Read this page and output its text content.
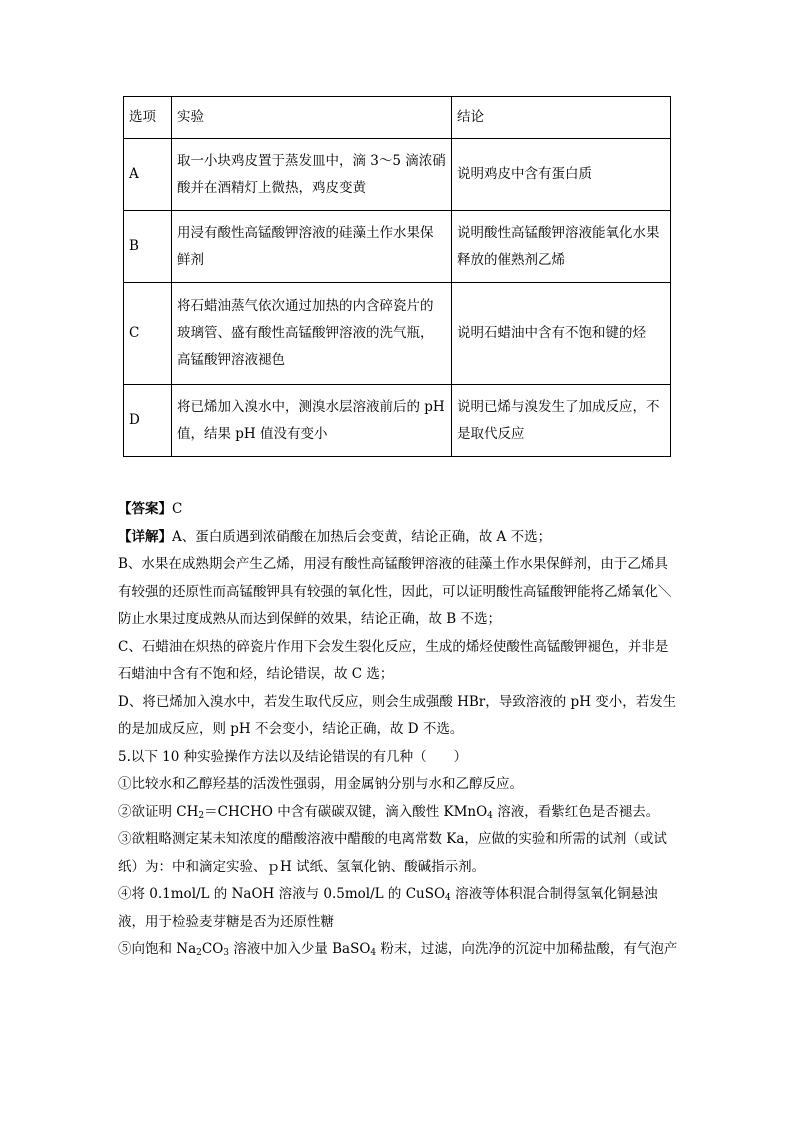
选项	实验	结论
A	取一小块鸡皮置于蒸发皿中，滴 3～5 滴浓硝酸并在酒精灯上微热，鸡皮变黄	说明鸡皮中含有蛋白质
B	用浸有酸性高锰酸钾溶液的硅藻土作水果保鲜剂	说明酸性高锰酸钾溶液能氧化水果释放的催熟剂乙烯
C	将石蜡油蒸气依次通过加热的内含碎瓷片的玻璃管、盛有酸性高锰酸钾溶液的洗气瓶，高锰酸钾溶液褪色	说明石蜡油中含有不饱和键的烃
D	将已烯加入溴水中，测溴水层溶液前后的 pH 值，结果 pH 值没有变小	说明已烯与溴发生了加成反应，不是取代反应

【答案】C

【详解】A、蛋白质遇到浓硝酸在加热后会变黄，结论正确，故 A 不选；

B、水果在成熟期会产生乙烯，用浸有酸性高锰酸钾溶液的硅藻土作水果保鲜剂，由于乙烯具有较强的还原性而高锰酸钾具有较强的氧化性，因此，可以证明酸性高锰酸钾能将乙烯氧化＼防止水果过度成熟从而达到保鲜的效果，结论正确，故 B 不选；

C、石蜡油在炽热的碎瓷片作用下会发生裂化反应，生成的烯烃使酸性高锰酸钾褪色，并非是石蜡油中含有不饱和烃，结论错误，故 C 选；

D、将已烯加入溴水中，若发生取代反应，则会生成强酸 HBr，导致溶液的 pH 变小，若发生的是加成反应，则 pH 不会变小，结论正确，故 D 不选。

5.以下 10 种实验操作方法以及结论错误的有几种（　　）

①比较水和乙醇羟基的活泼性强弱，用金属钠分别与水和乙醇反应。

②欲证明 $CH_2=CHCHO$ 中含有碳碳双键，滴入酸性 KMnO$_4$ 溶液，看紫红色是否褪去。

③欲粗略测定某未知浓度的醋酸溶液中醋酸的电离常数 Ka，应做的实验和所需的试剂（或试纸）为：中和滴定实验、ｐH 试纸、氢氧化钠、酸碱指示剂。

④将 0.1mol/L 的 NaOH 溶液与 0.5mol/L 的 CuSO$_4$ 溶液等体积混合制得氢氧化铜悬浊液，用于检验麦芽糖是否为还原性糖

⑤向饱和 $Na_2CO_3$ 溶液中加入少量 BaSO$_4$ 粉末，过滤，向洗净的沉淀中加稀盐酸，有气泡产
